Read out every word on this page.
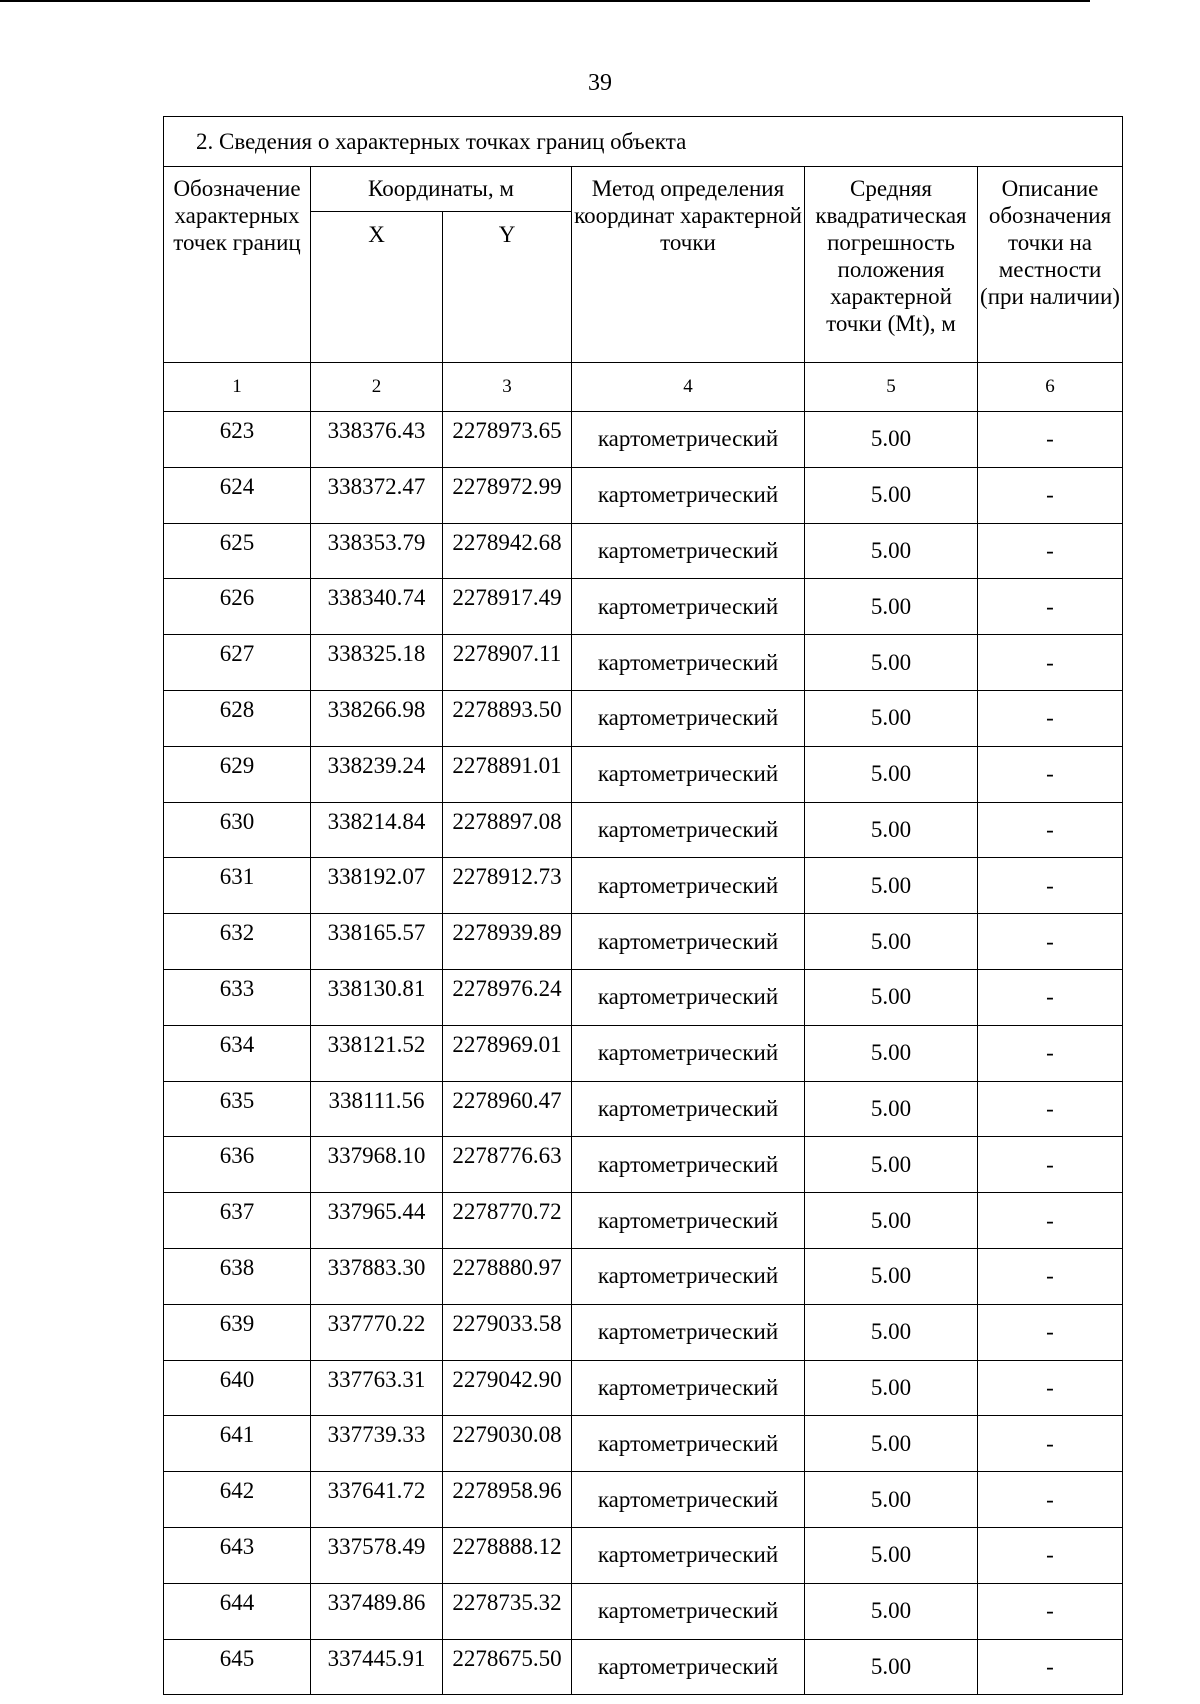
39
2. Сведения о характерных точках границ объекта					
Обозначение характерных точек границ	Координаты, м		Метод определения координат характерной точки	Средняя квадратическая погрешность положения характерной точки (Mt), м	Описание обозначения точки на местности (при наличии)
	X	Y			
1	2	3	4	5	6
623	338376.43	2278973.65	картометрический	5.00	-
624	338372.47	2278972.99	картометрический	5.00	-
625	338353.79	2278942.68	картометрический	5.00	-
626	338340.74	2278917.49	картометрический	5.00	-
627	338325.18	2278907.11	картометрический	5.00	-
628	338266.98	2278893.50	картометрический	5.00	-
629	338239.24	2278891.01	картометрический	5.00	-
630	338214.84	2278897.08	картометрический	5.00	-
631	338192.07	2278912.73	картометрический	5.00	-
632	338165.57	2278939.89	картометрический	5.00	-
633	338130.81	2278976.24	картометрический	5.00	-
634	338121.52	2278969.01	картометрический	5.00	-
635	338111.56	2278960.47	картометрический	5.00	-
636	337968.10	2278776.63	картометрический	5.00	-
637	337965.44	2278770.72	картометрический	5.00	-
638	337883.30	2278880.97	картометрический	5.00	-
639	337770.22	2279033.58	картометрический	5.00	-
640	337763.31	2279042.90	картометрический	5.00	-
641	337739.33	2279030.08	картометрический	5.00	-
642	337641.72	2278958.96	картометрический	5.00	-
643	337578.49	2278888.12	картометрический	5.00	-
644	337489.86	2278735.32	картометрический	5.00	-
645	337445.91	2278675.50	картометрический	5.00	-
